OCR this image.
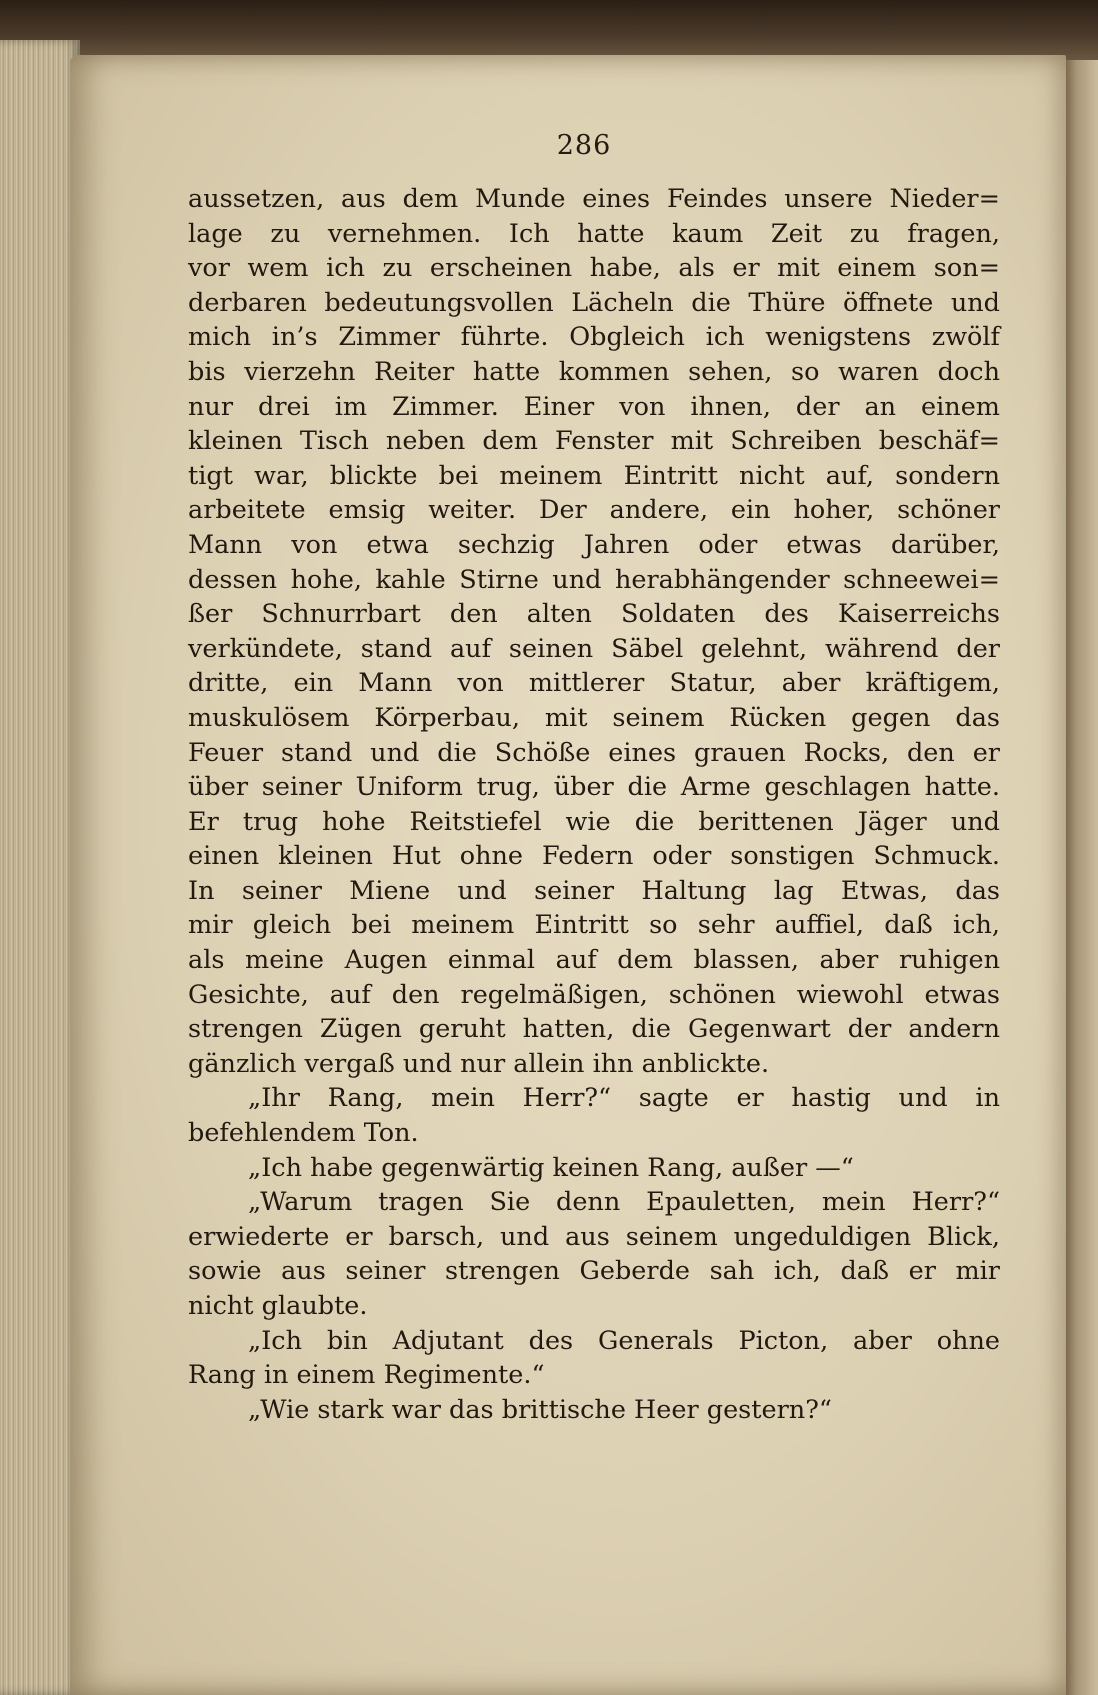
286
aussetzen, aus dem Munde eines Feindes unsere Nieder=
lage zu vernehmen. Ich hatte kaum Zeit zu fragen,
vor wem ich zu erscheinen habe, als er mit einem son=
derbaren bedeutungsvollen Lächeln die Thüre öffnete und
mich in’s Zimmer führte. Obgleich ich wenigstens zwölf
bis vierzehn Reiter hatte kommen sehen, so waren doch
nur drei im Zimmer. Einer von ihnen, der an einem
kleinen Tisch neben dem Fenster mit Schreiben beschäf=
tigt war, blickte bei meinem Eintritt nicht auf, sondern
arbeitete emsig weiter. Der andere, ein hoher, schöner
Mann von etwa sechzig Jahren oder etwas darüber,
dessen hohe, kahle Stirne und herabhängender schneewei=
ßer Schnurrbart den alten Soldaten des Kaiserreichs
verkündete, stand auf seinen Säbel gelehnt, während der
dritte, ein Mann von mittlerer Statur, aber kräftigem,
muskulösem Körperbau, mit seinem Rücken gegen das
Feuer stand und die Schöße eines grauen Rocks, den er
über seiner Uniform trug, über die Arme geschlagen hatte.
Er trug hohe Reitstiefel wie die berittenen Jäger und
einen kleinen Hut ohne Federn oder sonstigen Schmuck.
In seiner Miene und seiner Haltung lag Etwas, das
mir gleich bei meinem Eintritt so sehr auffiel, daß ich,
als meine Augen einmal auf dem blassen, aber ruhigen
Gesichte, auf den regelmäßigen, schönen wiewohl etwas
strengen Zügen geruht hatten, die Gegenwart der andern
gänzlich vergaß und nur allein ihn anblickte.
„Ihr Rang, mein Herr?“ sagte er hastig und in
befehlendem Ton.
„Ich habe gegenwärtig keinen Rang, außer —“
„Warum tragen Sie denn Epauletten, mein Herr?“
erwiederte er barsch, und aus seinem ungeduldigen Blick,
sowie aus seiner strengen Geberde sah ich, daß er mir
nicht glaubte.
„Ich bin Adjutant des Generals Picton, aber ohne
Rang in einem Regimente.“
„Wie stark war das brittische Heer gestern?“
